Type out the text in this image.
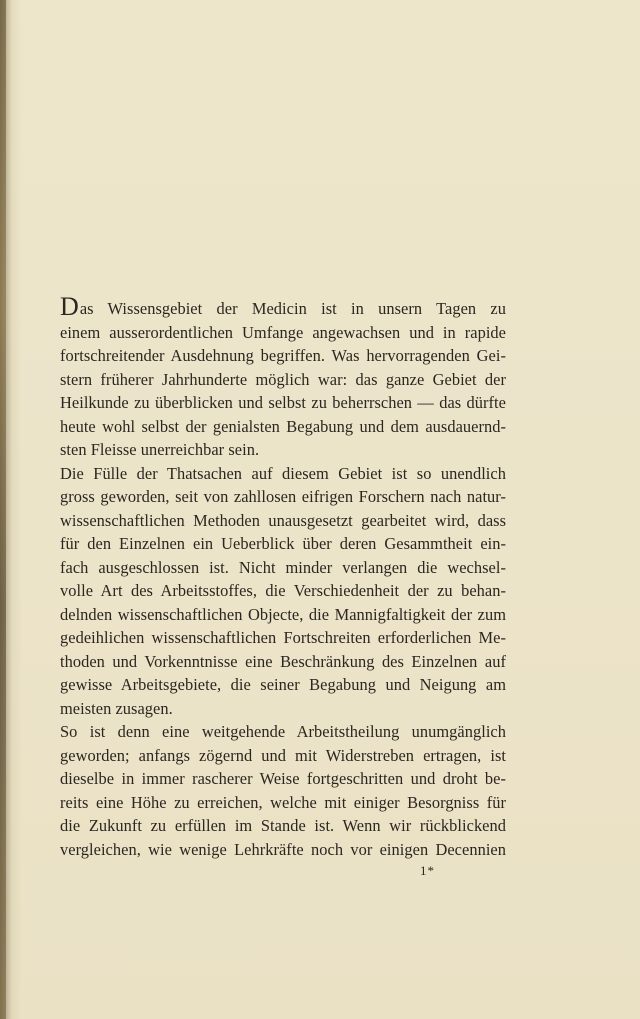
Das Wissensgebiet der Medicin ist in unsern Tagen zu
einem ausserordentlichen Umfange angewachsen und in rapide
fortschreitender Ausdehnung begriffen. Was hervorragenden Gei-
stern früherer Jahrhunderte möglich war: das ganze Gebiet der
Heilkunde zu überblicken und selbst zu beherrschen — das dürfte
heute wohl selbst der genialsten Begabung und dem ausdauernd-
sten Fleisse unerreichbar sein.
Die Fülle der Thatsachen auf diesem Gebiet ist so unendlich
gross geworden, seit von zahllosen eifrigen Forschern nach natur-
wissenschaftlichen Methoden unausgesetzt gearbeitet wird, dass
für den Einzelnen ein Ueberblick über deren Gesammtheit ein-
fach ausgeschlossen ist. Nicht minder verlangen die wechsel-
volle Art des Arbeitsstoffes, die Verschiedenheit der zu behan-
delnden wissenschaftlichen Objecte, die Mannigfaltigkeit der zum
gedeihlichen wissenschaftlichen Fortschreiten erforderlichen Me-
thoden und Vorkenntnisse eine Beschränkung des Einzelnen auf
gewisse Arbeitsgebiete, die seiner Begabung und Neigung am
meisten zusagen.
So ist denn eine weitgehende Arbeitstheilung unumgänglich
geworden; anfangs zögernd und mit Widerstreben ertragen, ist
dieselbe in immer rascherer Weise fortgeschritten und droht be-
reits eine Höhe zu erreichen, welche mit einiger Besorgniss für
die Zukunft zu erfüllen im Stande ist. Wenn wir rückblickend
vergleichen, wie wenige Lehrkräfte noch vor einigen Decennien
1*
